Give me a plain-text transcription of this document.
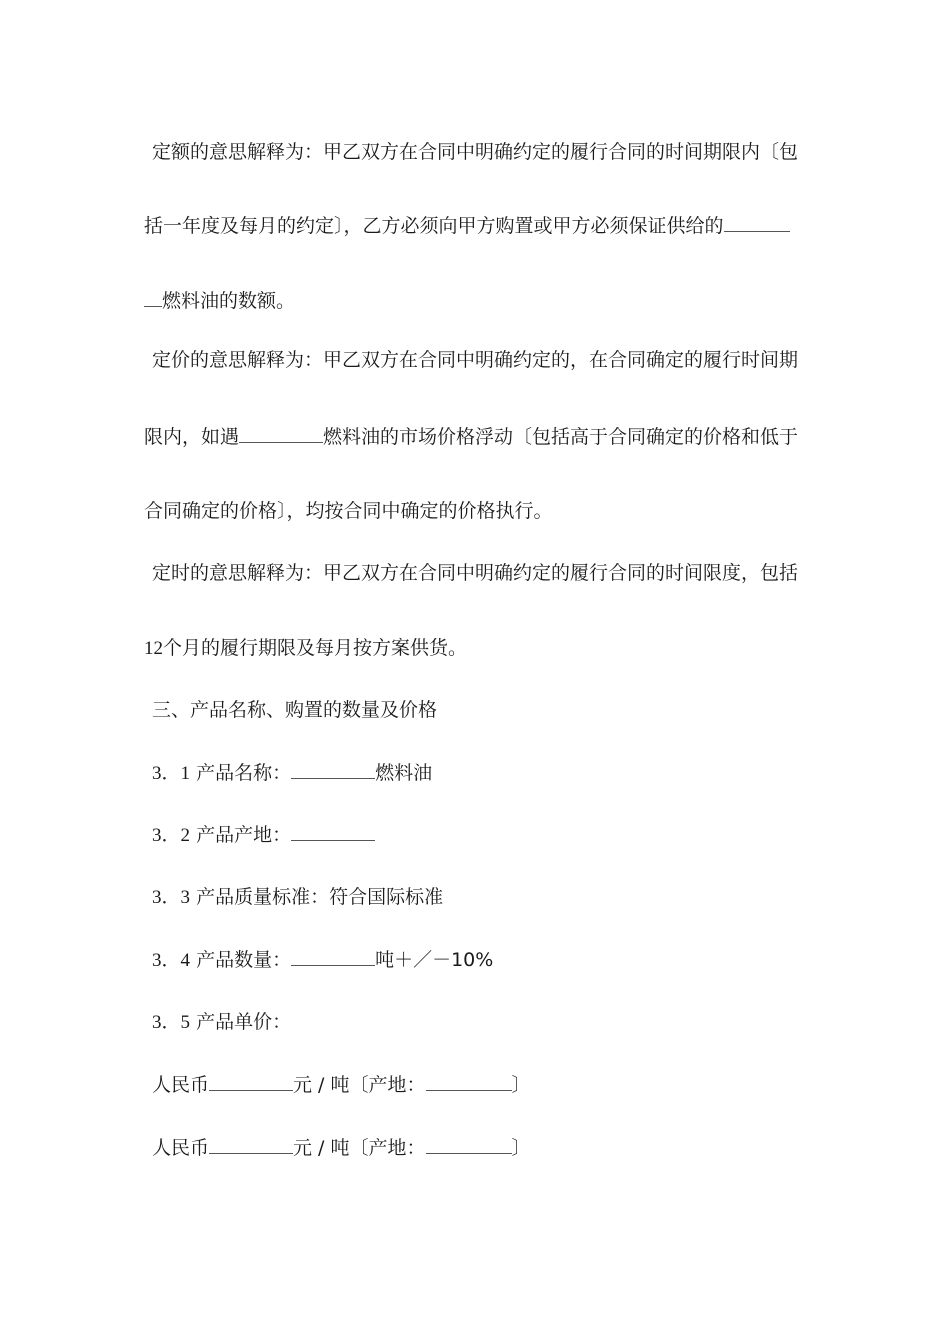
定额的意思解释为：甲乙双方在合同中明确约定的履行合同的时间期限内〔包
括一年度及每月的约定〕，乙方必须向甲方购置或甲方必须保证供给的
燃料油的数额。
定价的意思解释为：甲乙双方在合同中明确约定的，在合同确定的履行时间期
限内，如遇	燃料油的市场价格浮动〔包括高于合同确定的价格和低于
合同确定的价格〕，均按合同中确定的价格执行。
定时的意思解释为：甲乙双方在合同中明确约定的履行合同的时间限度，包括
12个月的履行期限及每月按方案供货。
三、产品名称、购置的数量及价格
3．1 产品名称：	燃料油
3．2 产品产地：
3．3 产品质量标准：符合国际标准
3．4 产品数量：	吨＋／－10%
3．5 产品单价：
人民币	元 / 吨〔产地：	〕
人民币	元 / 吨〔产地：	〕
